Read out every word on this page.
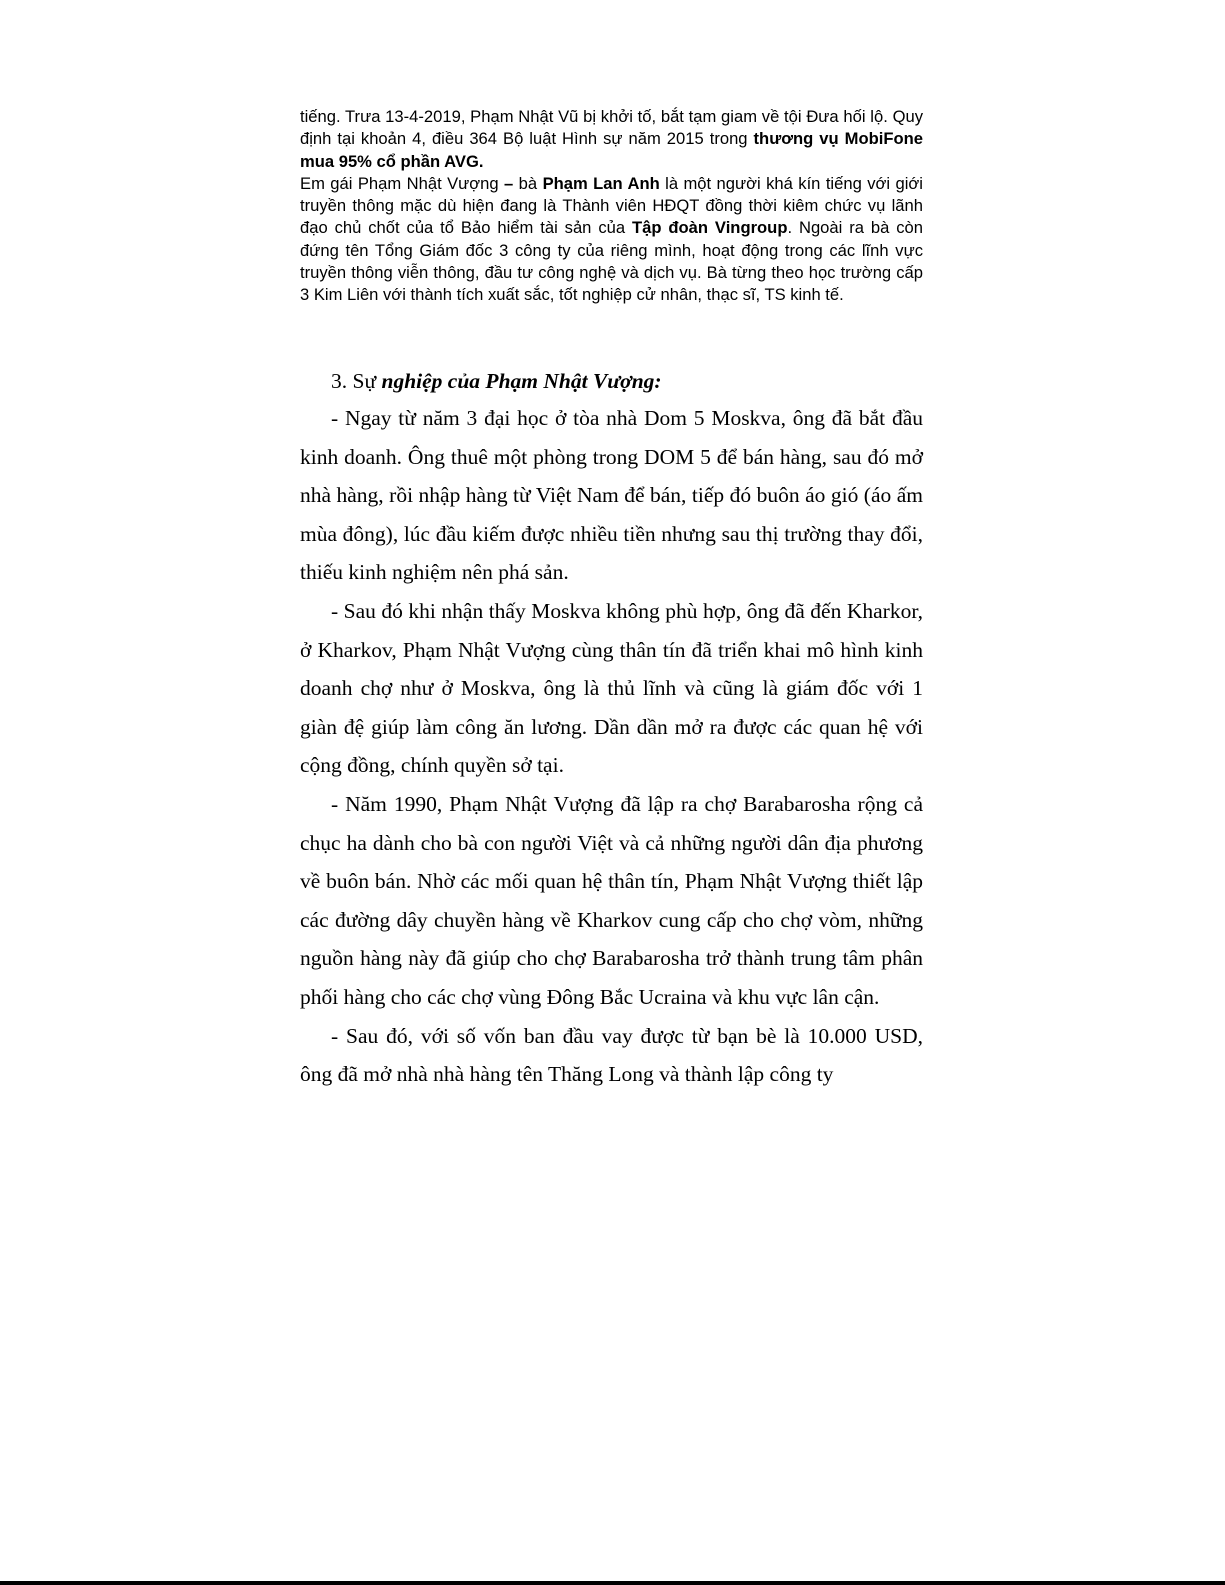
tiếng. Trưa 13-4-2019, Phạm Nhật Vũ bị khởi tố, bắt tạm giam về tội Đưa hối lộ. Quy định tại khoản 4, điều 364 Bộ luật Hình sự năm 2015 trong thương vụ MobiFone mua 95% cổ phần AVG.

Em gái Phạm Nhật Vượng – bà Phạm Lan Anh là một người khá kín tiếng với giới truyền thông mặc dù hiện đang là Thành viên HĐQT đồng thời kiêm chức vụ lãnh đạo chủ chốt của tổ Bảo hiểm tài sản của Tập đoàn Vingroup. Ngoài ra bà còn đứng tên Tổng Giám đốc 3 công ty của riêng mình, hoạt động trong các lĩnh vực truyền thông viễn thông, đầu tư công nghệ và dịch vụ. Bà từng theo học trường cấp 3 Kim Liên với thành tích xuất sắc, tốt nghiệp cử nhân, thạc sĩ, TS kinh tế.

3. Sự nghiệp của Phạm Nhật Vượng:

- Ngay từ năm 3 đại học ở tòa nhà Dom 5 Moskva, ông đã bắt đầu kinh doanh. Ông thuê một phòng trong DOM 5 để bán hàng, sau đó mở nhà hàng, rồi nhập hàng từ Việt Nam để bán, tiếp đó buôn áo gió (áo ấm mùa đông), lúc đầu kiếm được nhiều tiền nhưng sau thị trường thay đổi, thiếu kinh nghiệm nên phá sản.

- Sau đó khi nhận thấy Moskva không phù hợp, ông đã đến Kharkor, ở Kharkov, Phạm Nhật Vượng cùng thân tín đã triển khai mô hình kinh doanh chợ như ở Moskva, ông là thủ lĩnh và cũng là giám đốc với 1 giàn đệ giúp làm công ăn lương. Dần dần mở ra được các quan hệ với cộng đồng, chính quyền sở tại.

- Năm 1990, Phạm Nhật Vượng đã lập ra chợ Barabarosha rộng cả chục ha dành cho bà con người Việt và cả những người dân địa phương về buôn bán. Nhờ các mối quan hệ thân tín, Phạm Nhật Vượng thiết lập các đường dây chuyền hàng về Kharkov cung cấp cho chợ vòm, những nguồn hàng này đã giúp cho chợ Barabarosha trở thành trung tâm phân phối hàng cho các chợ vùng Đông Bắc Ucraina và khu vực lân cận.

- Sau đó, với số vốn ban đầu vay được từ bạn bè là 10.000 USD, ông đã mở nhà nhà hàng tên Thăng Long và thành lập công ty
